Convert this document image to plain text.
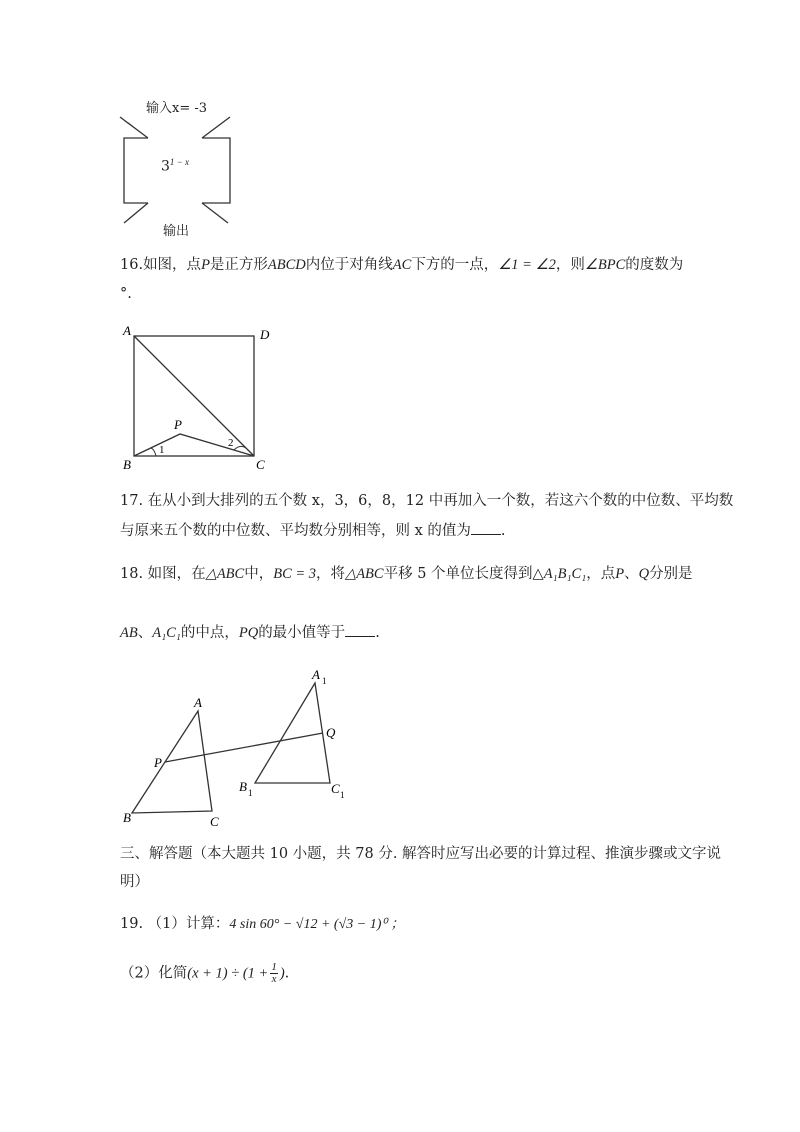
输入x= -3
$3^{1 - x}$
输出
16.如图，点P是正方形ABCD内位于对角线AC下方的一点，∠1 = ∠2，则∠BPC的度数为
°.
A	D
B	C
P
1
2
17. 在从小到大排列的五个数 x，3，6，8，12 中再加入一个数，若这六个数的中位数、平均数
与原来五个数的中位数、平均数分别相等，则 x 的值为 .
18. 如图，在△ABC中，BC = 3，将△ABC平移 5 个单位长度得到△A₁B₁C₁，点P、Q分别是
AB、A₁C₁的中点，PQ的最小值等于 .
A
P
B	C
A 1
Q
B 1	C 1
三、解答题（本大题共 10 小题，共 78 分. 解答时应写出必要的计算过程、推演步骤或文字说
明）
19. （1）计算：4 sin 60° − √12 + (√3 − 1)⁰ ；
（2）化简$(x + 1) \div (1 + \frac{1}{x}$ ).
